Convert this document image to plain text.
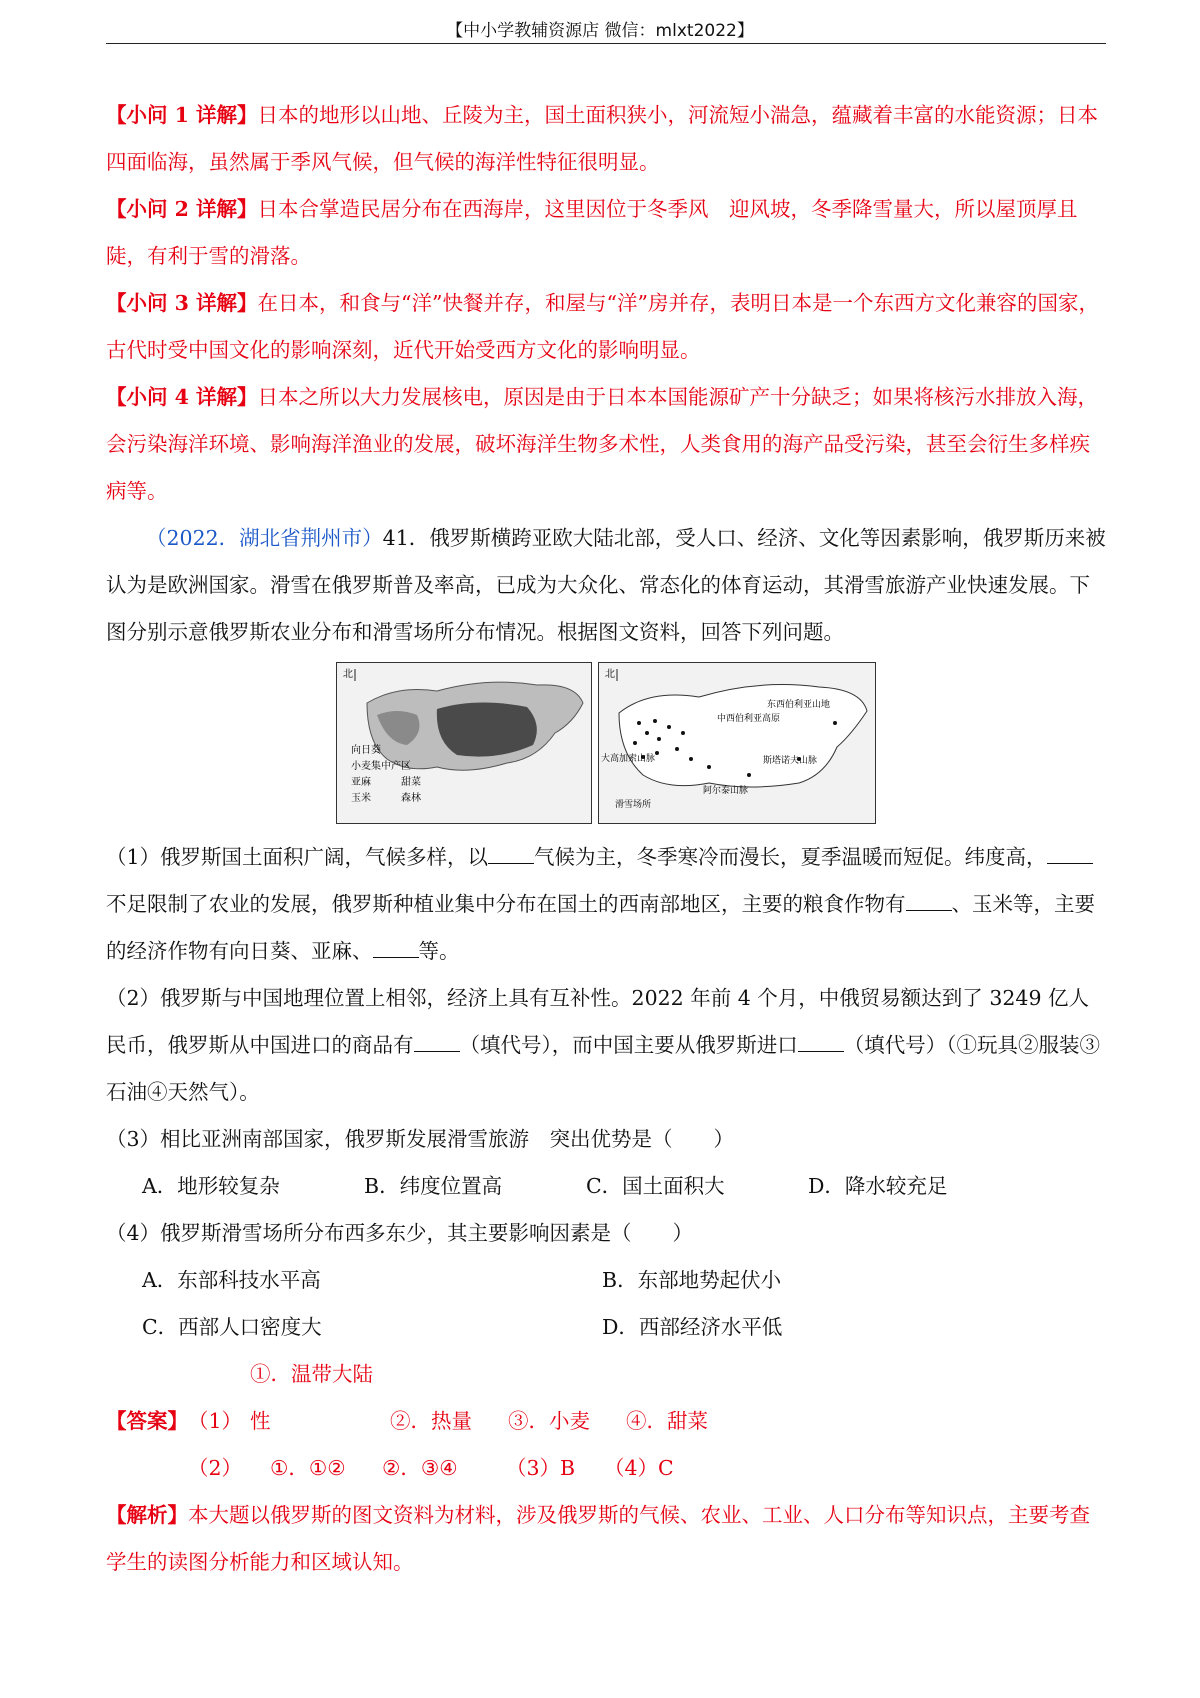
【中小学教辅资源店 微信：mlxt2022】

【小问 1 详解】日本的地形以山地、丘陵为主，国土面积狭小，河流短小湍急，蕴藏着丰富的水能资源；日本四面临海，虽然属于季风气候，但气候的海洋性特征很明显。

【小问 2 详解】日本合掌造民居分布在西海岸，这里因位于冬季风　迎风坡，冬季降雪量大，所以屋顶厚且陡，有利于雪的滑落。

【小问 3 详解】在日本，和食与“洋”快餐并存，和屋与“洋”房并存，表明日本是一个东西方文化兼容的国家，古代时受中国文化的影响深刻，近代开始受西方文化的影响明显。

【小问 4 详解】日本之所以大力发展核电，原因是由于日本本国能源矿产十分缺乏；如果将核污水排放入海，会污染海洋环境、影响海洋渔业的发展，破坏海洋生物多术性，人类食用的海产品受污染，甚至会衍生多样疾病等。

（2022．湖北省荆州市）41．俄罗斯横跨亚欧大陆北部，受人口、经济、文化等因素影响，俄罗斯历来被认为是欧洲国家。滑雪在俄罗斯普及率高，已成为大众化、常态化的体育运动，其滑雪旅游产业快速发展。下图分别示意俄罗斯农业分布和滑雪场所分布情况。根据图文资料，回答下列问题。

北
向日葵
小麦集中产区
亚麻	甜菜
玉米	森林
北
中西伯利亚高原
东西伯利亚山地
大高加索山脉	斯塔诺夫山脉
阿尔泰山脉
滑雪场所

（1）俄罗斯国土面积广阔，气候多样，以 气候为主，冬季寒冷而漫长，夏季温暖而短促。纬度高，不足限制了农业的发展，俄罗斯种植业集中分布在国土的西南部地区，主要的粮食作物有 、玉米等，主要的经济作物有向日葵、亚麻、 等。

（2）俄罗斯与中国地理位置上相邻，经济上具有互补性。2022 年前 4 个月，中俄贸易额达到了 3249 亿人民币，俄罗斯从中国进口的商品有 （填代号），而中国主要从俄罗斯进口 （填代号）（①玩具②服装③石油④天然气）。

（3）相比亚洲南部国家，俄罗斯发展滑雪旅游　突出优势是（　　）

A．地形较复杂	B．纬度位置高	C．国土面积大	D．降水较充足

（4）俄罗斯滑雪场所分布西多东少，其主要影响因素是（　　）

A．东部科技水平高	B．东部地势起伏小
C．西部人口密度大	D．西部经济水平低
【答案】（1）①．温带大陆性	②．热量 ③．小麦 ④．甜菜
（2） ①．①② ②．③④ （3）B （4）C

【解析】本大题以俄罗斯的图文资料为材料，涉及俄罗斯的气候、农业、工业、人口分布等知识点，主要考查学生的读图分析能力和区域认知。
